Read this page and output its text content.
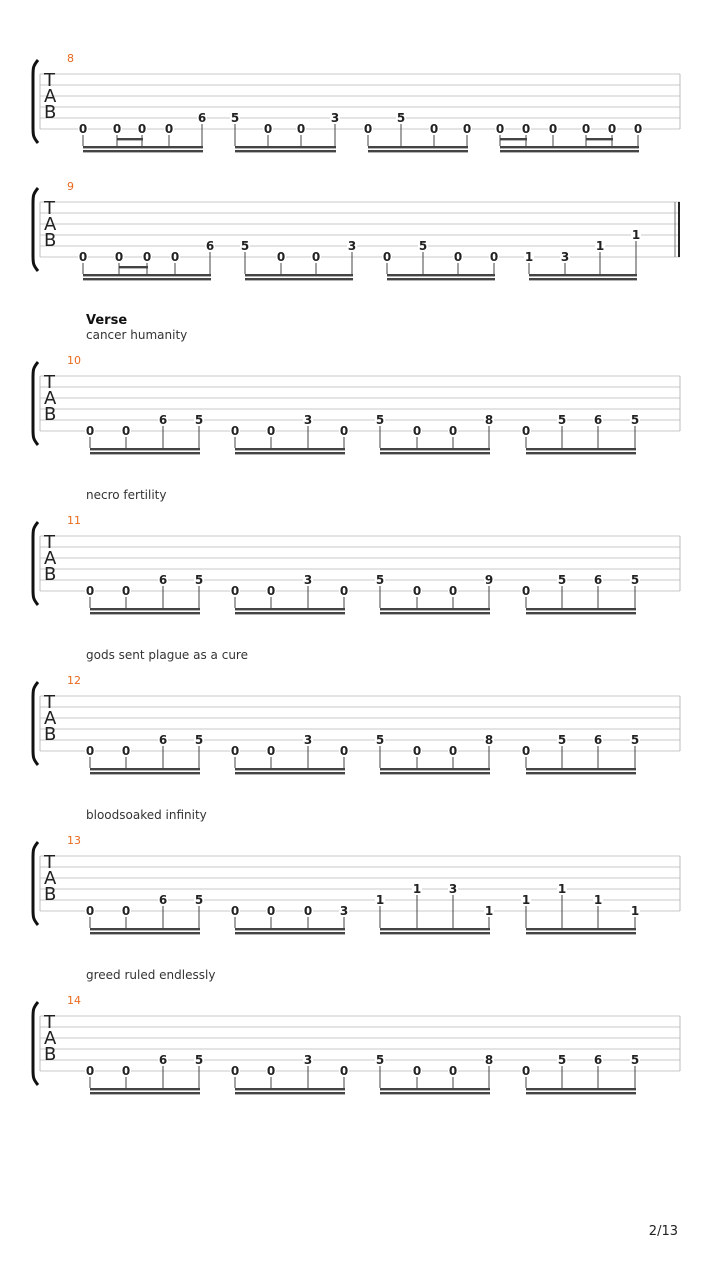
Verse
2/13
8
T
A
B
0 0 0 0
6 5
0 0
3
0
5
0 0 0 0 0 0 0 0
9
T
A
B
0 0 0 0
6 5
0 0
3
0
5
0 0 1 3
1
1
cancer humanity
10
T
A
B
0 0
6 5
0 0
3
0
5
0 0
8
0
5 6 5
necro fertility
11
T
A
B
0 0
6 5
0 0
3
0
5
0 0
9
0
5 6 5
gods sent plague as a cure
12
T
A
B
0 0
6 5
0 0
3
0
5
0 0
8
0
5 6 5
bloodsoaked infinity
13
T
A
B
0 0
6 5
0 0 0 3
1
1 3
1
1
1
1
1
greed ruled endlessly
14
T
A
B
0 0
6 5
0 0
3
0
5
0 0
8
0
5 6 5
